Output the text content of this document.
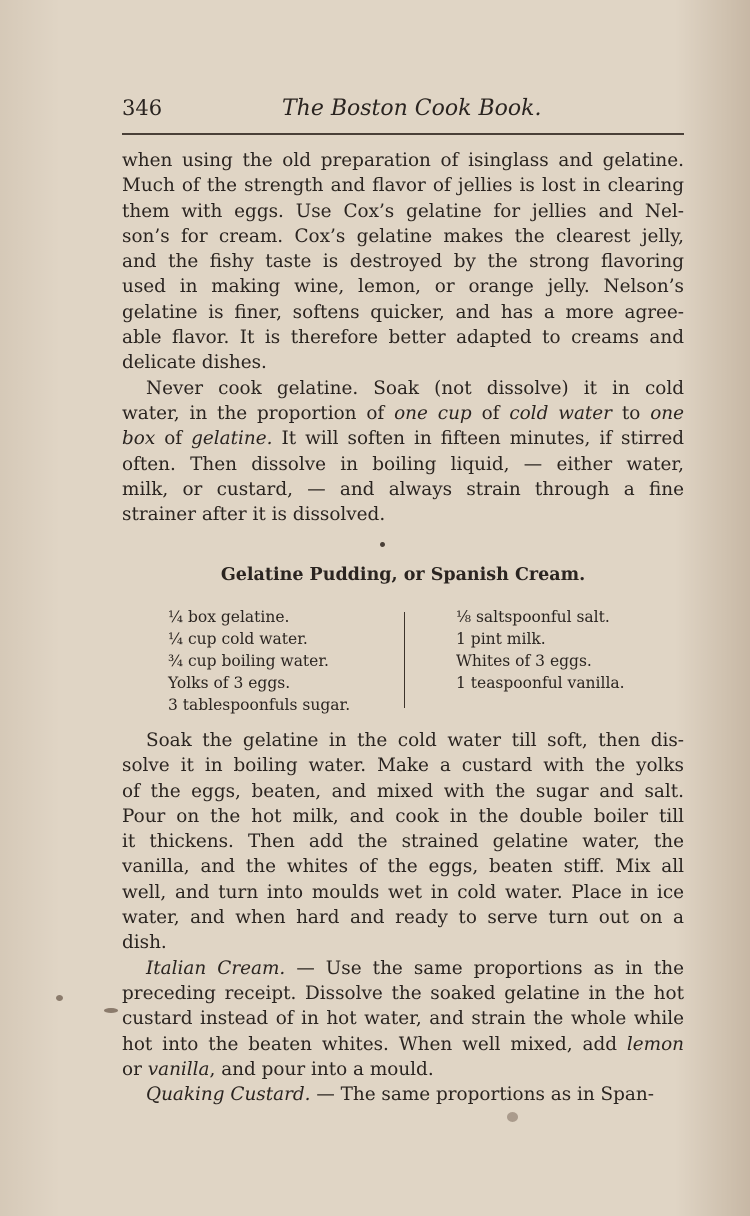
346	The Boston Cook Book.
when using the old preparation of isinglass and gelatine.
Much of the strength and flavor of jellies is lost in clearing
them with eggs. Use Cox’s gelatine for jellies and Nel-
son’s for cream. Cox’s gelatine makes the clearest jelly,
and the fishy taste is destroyed by the strong flavoring
used in making wine, lemon, or orange jelly. Nelson’s
gelatine is finer, softens quicker, and has a more agree-
able flavor. It is therefore better adapted to creams and
delicate dishes.
Never cook gelatine. Soak (not dissolve) it in cold
water, in the proportion of one cup of cold water to one
box of gelatine. It will soften in fifteen minutes, if stirred
often. Then dissolve in boiling liquid, — either water,
milk, or custard, — and always strain through a fine
strainer after it is dissolved.
Gelatine Pudding, or Spanish Cream.
¼ box gelatine.
¼ cup cold water.
¾ cup boiling water.
Yolks of 3 eggs.
3 tablespoonfuls sugar.
⅛ saltspoonful salt.
1 pint milk.
Whites of 3 eggs.
1 teaspoonful vanilla.
Soak the gelatine in the cold water till soft, then dis-
solve it in boiling water. Make a custard with the yolks
of the eggs, beaten, and mixed with the sugar and salt.
Pour on the hot milk, and cook in the double boiler till
it thickens. Then add the strained gelatine water, the
vanilla, and the whites of the eggs, beaten stiff. Mix all
well, and turn into moulds wet in cold water. Place in ice
water, and when hard and ready to serve turn out on a
dish.
Italian Cream. — Use the same proportions as in the
preceding receipt. Dissolve the soaked gelatine in the hot
custard instead of in hot water, and strain the whole while
hot into the beaten whites. When well mixed, add lemon
or vanilla, and pour into a mould.
Quaking Custard. — The same proportions as in Span-
